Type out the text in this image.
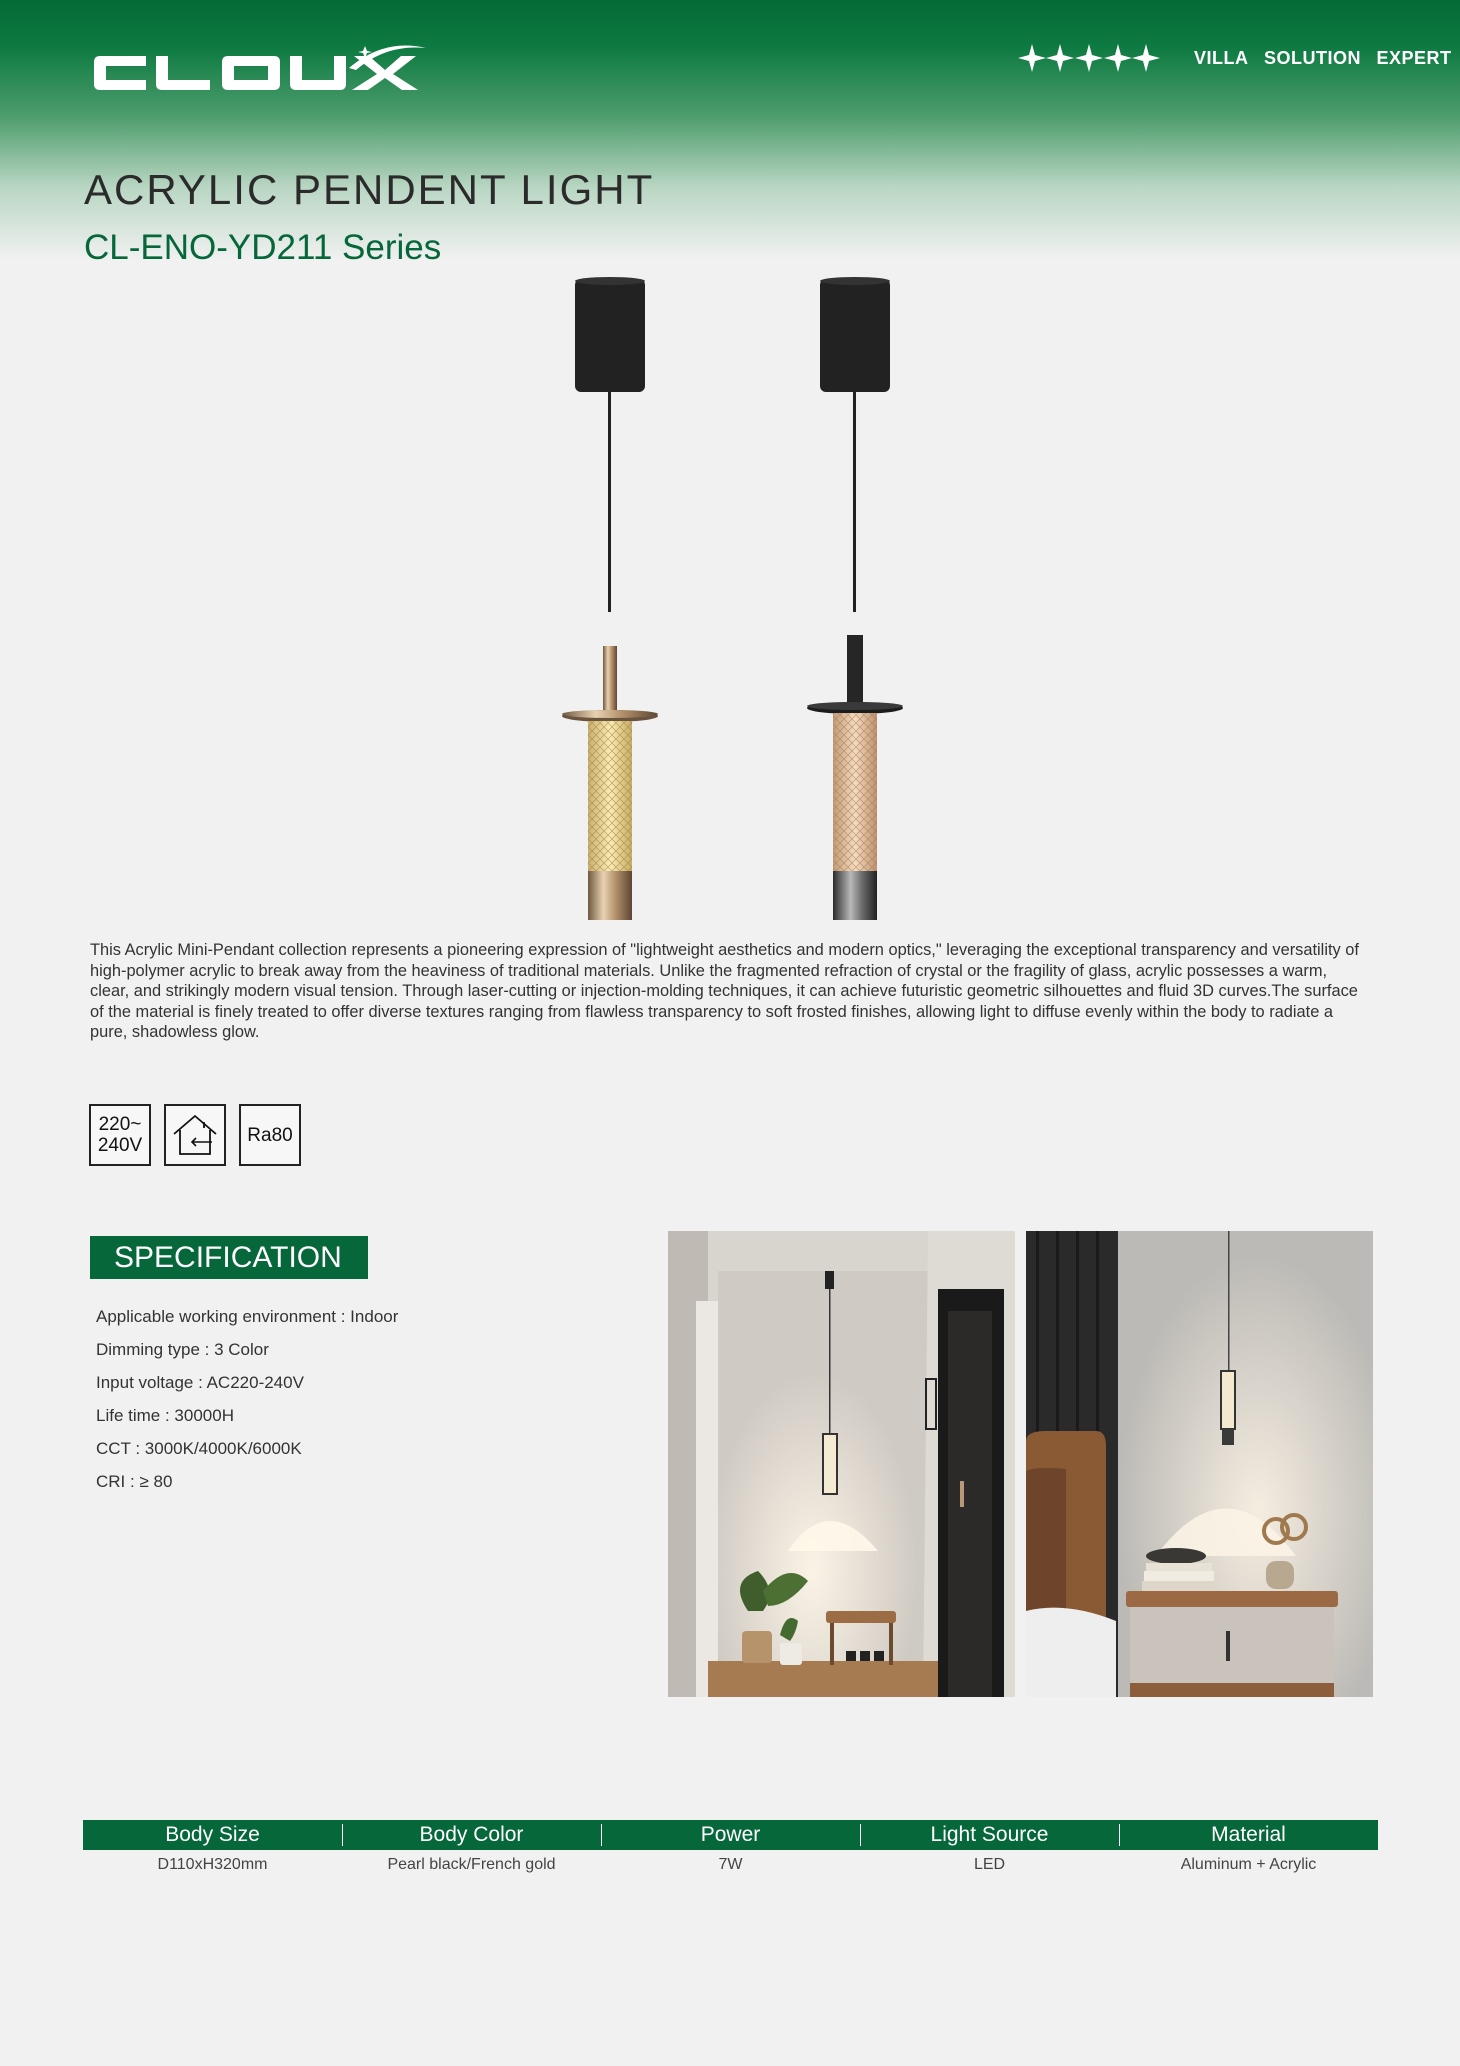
VILLA SOLUTION EXPERT
ACRYLIC PENDENT LIGHT
CL-ENO-YD211 Series

This Acrylic Mini-Pendant collection represents a pioneering expression of "lightweight aesthetics and modern optics," leveraging the exceptional transparency and versatility of high-polymer acrylic to break away from the heaviness of traditional materials. Unlike the fragmented refraction of crystal or the fragility of glass, acrylic possesses a warm, clear, and strikingly modern visual tension. Through laser-cutting or injection-molding techniques, it can achieve futuristic geometric silhouettes and fluid 3D curves.The surface of the material is finely treated to offer diverse textures ranging from flawless transparency to soft frosted finishes, allowing light to diffuse evenly within the body to radiate a pure, shadowless glow.

220~
240V	Ra80
SPECIFICATION
Applicable working environment : Indoor
Dimming type : 3 Color
Input voltage : AC220-240V
Life time : 30000H
CCT : 3000K/4000K/6000K
CRI : ≥ 80
Body Size	Body Color	Power	Light Source	Material
D110xH320mm	Pearl black/French gold	7W	LED	Aluminum + Acrylic
